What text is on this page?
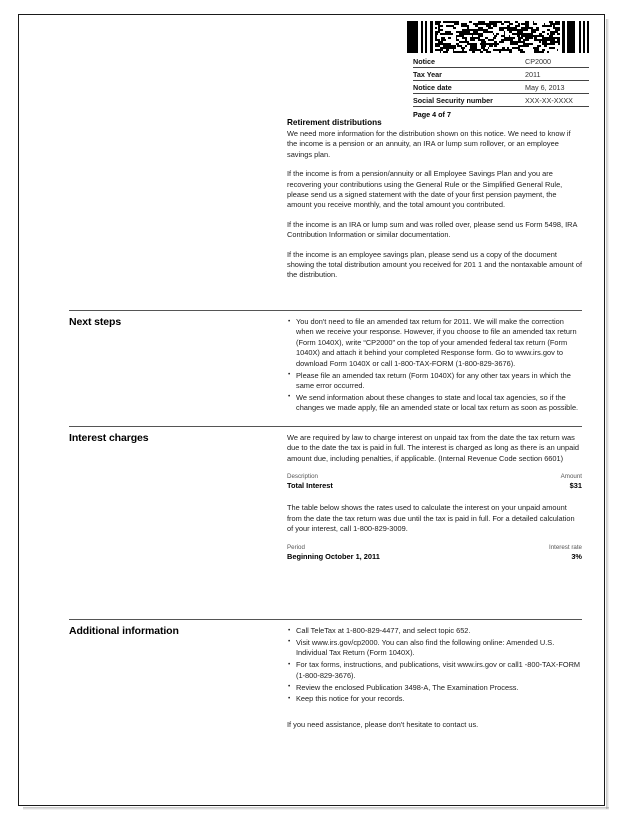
Notice	CP2000
Tax Year	2011
Notice date	May 6, 2013
Social Security number	XXX-XX-XXXX
Page 4 of 7	
Retirement distributions

We need more information for the distribution shown on this notice. We need to know if the income is a pension or an annuity, an IRA or lump sum rollover, or an employee savings plan.

If the income is from a pension/annuity or all Employee Savings Plan and you are recovering your contributions using the General Rule or the Simplified General Rule, please send us a signed statement with the date of your first pension payment, the amount you receive monthly, and the total amount you contributed.

If the income is an IRA or lump sum and was rolled over, please send us Form 5498, IRA Contribution Information or similar documentation.

If the income is an employee savings plan, please send us a copy of the document showing the total distribution amount you received for 201 1 and the nontaxable amount of the distribution.

Next steps	• You don't need to file an amended tax return for 2011. We will make the correction when we receive your response. However, if you choose to file an amended tax return (Form 1040X), write “CP2000” on the top of your amended federal tax return (Form 1040X) and attach it behind your completed Response form. Go to www.irs.gov to download Form 1040X or call 1-800-TAX-FORM (1-800-829-3676).
• Please file an amended tax return (Form 1040X) for any other tax years in which the same error occurred.
• We send information about these changes to state and local tax agencies, so if the changes we made apply, file an amended state or local tax return as soon as possible.
Interest charges	We are required by law to charge interest on unpaid tax from the date the tax return was due to the date the tax is paid in full. The interest is charged as long as there is an unpaid amount due, including penalties, if applicable. (Internal Revenue Code section 6601)

Description	Amount
Total Interest	$31

The table below shows the rates used to calculate the interest on your unpaid amount from the date the tax return was due until the tax is paid in full. For a detailed calculation of your interest, call 1-800-829-3009.

Period	Interest rate
Beginning October 1, 2011	3%
Additional information	• Call TeleTax at 1-800-829-4477, and select topic 652.
• Visit www.irs.gov/cp2000. You can also find the following online: Amended U.S. Individual Tax Return (Form 1040X).
• For tax forms, instructions, and publications, visit www.irs.gov or call1 -800-TAX-FORM (1-800-829-3676).
• Review the enclosed Publication 3498-A, The Examination Process.
• Keep this notice for your records.

If you need assistance, please don't hesitate to contact us.
